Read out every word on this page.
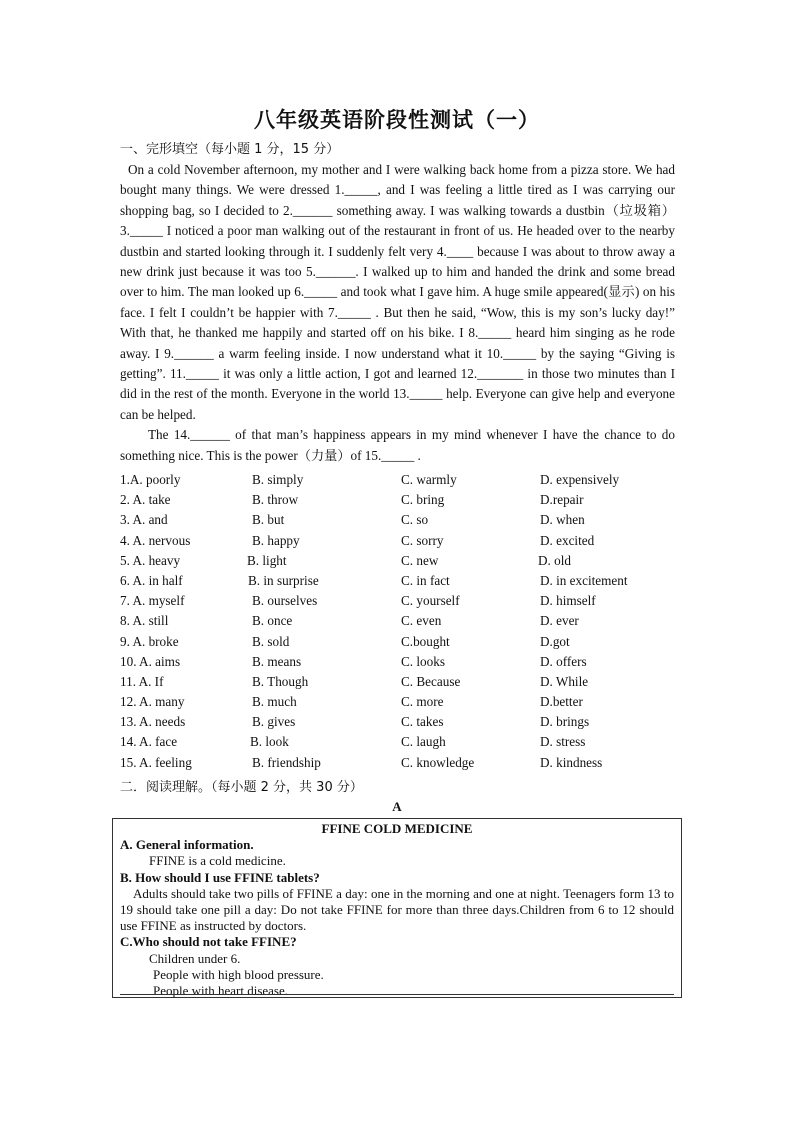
八年级英语阶段性测试（一）
一、完形填空（每小题 1 分，15 分）

On a cold November afternoon, my mother and I were walking back home from a pizza store. We had bought many things. We were dressed 1._____, and I was feeling a little tired as I was carrying our shopping bag, so I decided to 2.______ something away. I was walking towards a dustbin（垃圾箱）3._____ I noticed a poor man walking out of the restaurant in front of us. He headed over to the nearby dustbin and started looking through it. I suddenly felt very 4.____ because I was about to throw away a new drink just because it was too 5.______. I walked up to him and handed the drink and some bread over to him. The man looked up 6._____ and took what I gave him. A huge smile appeared(显示) on his face. I felt I couldn’t be happier with 7._____ . But then he said, “Wow, this is my son’s lucky day!” With that, he thanked me happily and started off on his bike. I 8._____ heard him singing as he rode away. I 9.______ a warm feeling inside. I now understand what it 10._____ by the saying “Giving is getting”. 11._____ it was only a little action, I got and learned 12._______ in those two minutes than I did in the rest of the month. Everyone in the world 13._____ help. Everyone can give help and everyone can be helped.

The 14.______ of that man’s happiness appears in my mind whenever I have the chance to do something nice. This is the power（力量）of 15._____ .

1.A. poorly	B. simply	C. warmly	D. expensively
2. A. take	B. throw	C. bring	D.repair
3. A. and	B. but	C. so	D. when
4. A. nervous	B. happy	C. sorry	D. excited
5. A. heavy	B. light	C. new	D. old
6. A. in half	B. in surprise	C. in fact	D. in excitement
7. A. myself	B. ourselves	C. yourself	D. himself
8. A. still	B. once	C. even	D. ever
9. A. broke	B. sold	C.bought	D.got
10. A. aims	B. means	C. looks	D. offers
11. A. If	B. Though	C. Because	D. While
12. A. many	B. much	C. more	D.better
13. A. needs	B. gives	C. takes	D. brings
14. A. face	B. look	C. laugh	D. stress
15. A. feeling	B. friendship	C. knowledge	D. kindness
二．阅读理解。（每小题 2 分，共 30 分）
A
FFINE COLD MEDICINE
A. General information.
FFINE is a cold medicine.
B. How should I use FFINE tablets?
Adults should take two pills of FFINE a day: one in the morning and one at night. Teenagers form 13 to 19 should take one pill a day: Do not take FFINE for more than three days.Children from 6 to 12 should use FFINE as instructed by doctors.
C.Who should not take FFINE?
Children under 6.
People with high blood pressure.
People with heart disease.
